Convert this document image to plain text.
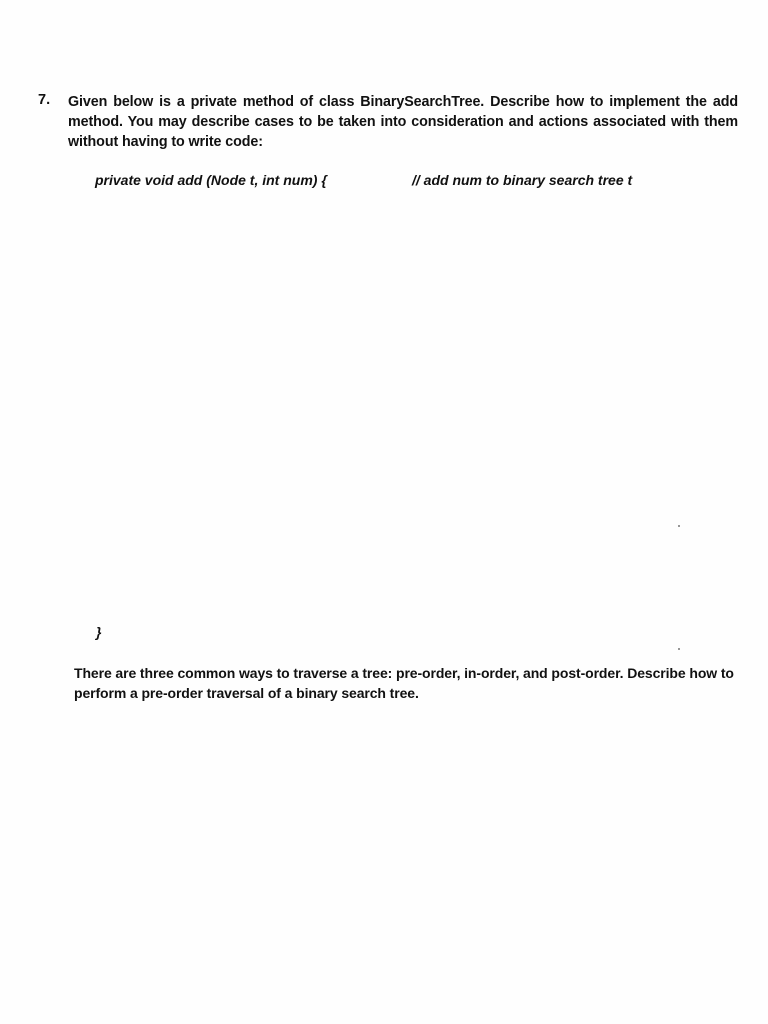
7. Given below is a private method of class BinarySearchTree. Describe how to implement the add method. You may describe cases to be taken into consideration and actions associated with them without having to write code:
private void add (Node t, int num) {	// add num to binary search tree t
}
There are three common ways to traverse a tree: pre-order, in-order, and post-order. Describe how to perform a pre-order traversal of a binary search tree.
